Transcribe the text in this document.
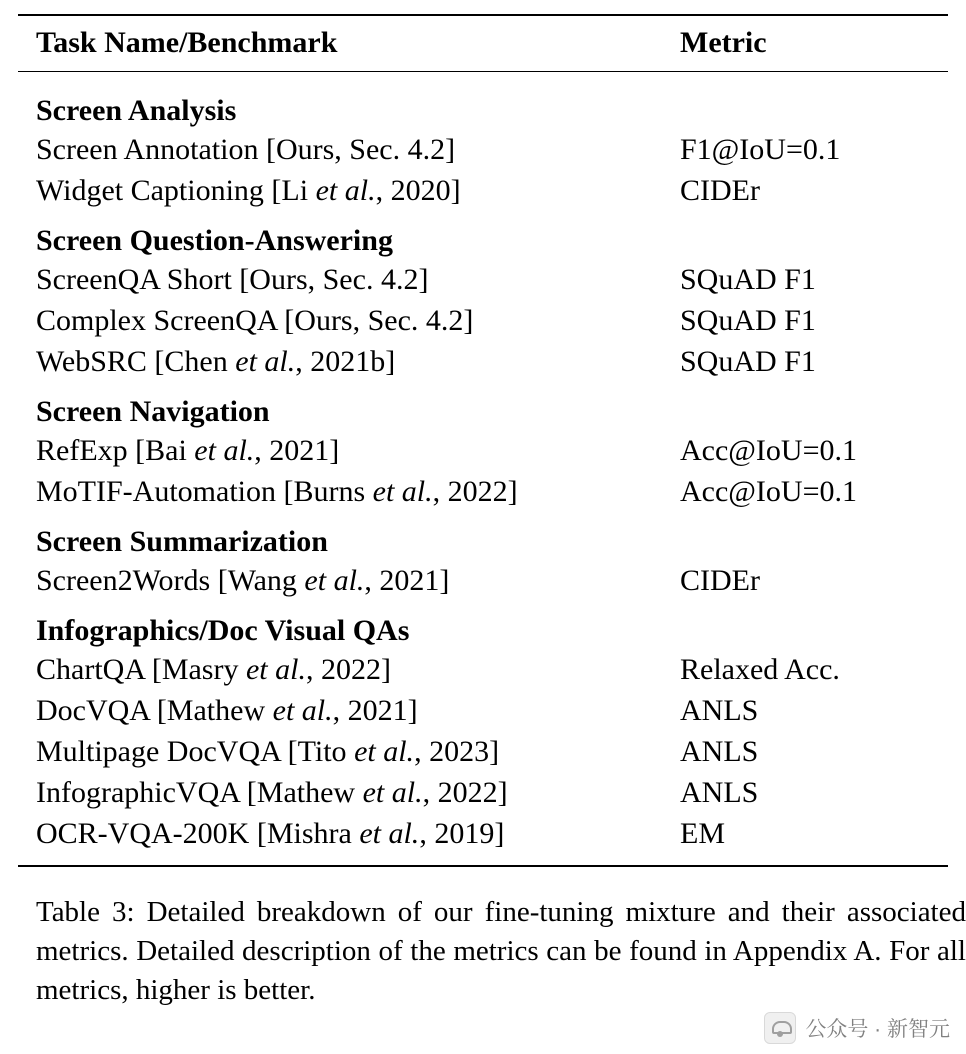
Task Name/Benchmark	Metric

Screen Analysis	
Screen Annotation [Ours, Sec. 4.2]	F1@IoU=0.1
Widget Captioning [Li et al., 2020]	CIDEr
Screen Question-Answering	
ScreenQA Short [Ours, Sec. 4.2]	SQuAD F1
Complex ScreenQA [Ours, Sec. 4.2]	SQuAD F1
WebSRC [Chen et al., 2021b]	SQuAD F1
Screen Navigation	
RefExp [Bai et al., 2021]	Acc@IoU=0.1
MoTIF-Automation [Burns et al., 2022]	Acc@IoU=0.1
Screen Summarization	
Screen2Words [Wang et al., 2021]	CIDEr
Infographics/Doc Visual QAs	
ChartQA [Masry et al., 2022]	Relaxed Acc.
DocVQA [Mathew et al., 2021]	ANLS
Multipage DocVQA [Tito et al., 2023]	ANLS
InfographicVQA [Mathew et al., 2022]	ANLS
OCR-VQA-200K [Mishra et al., 2019]	EM

Table 3: Detailed breakdown of our fine-tuning mixture and their associated metrics. Detailed description of the metrics can be found in Appendix A. For all metrics, higher is better.
公众号 · 新智元
